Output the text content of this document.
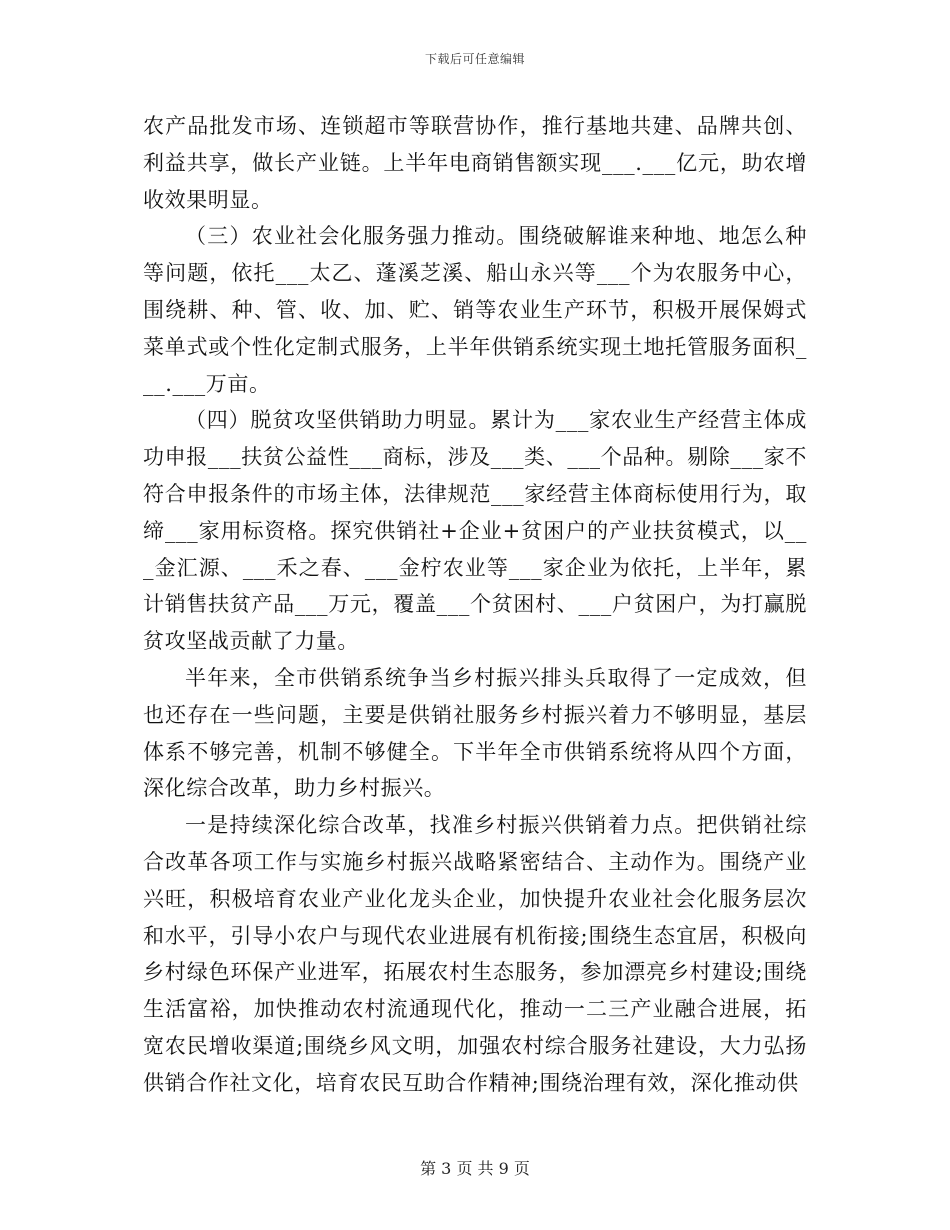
下载后可任意编辑

农产品批发市场、连锁超市等联营协作，推行基地共建、品牌共创、利益共享，做长产业链。上半年电商销售额实现___.___亿元，助农增收效果明显。

（三）农业社会化服务强力推动。围绕破解谁来种地、地怎么种等问题，依托___太乙、蓬溪芝溪、船山永兴等___个为农服务中心，围绕耕、种、管、收、加、贮、销等农业生产环节，积极开展保姆式菜单式或个性化定制式服务，上半年供销系统实现土地托管服务面积___.___万亩。

（四）脱贫攻坚供销助力明显。累计为___家农业生产经营主体成功申报___扶贫公益性___商标，涉及___类、___个品种。剔除___家不符合申报条件的市场主体，法律规范___家经营主体商标使用行为，取缔___家用标资格。探究供销社+企业+贫困户的产业扶贫模式，以___金汇源、___禾之春、___金柠农业等___家企业为依托，上半年，累计销售扶贫产品___万元，覆盖___个贫困村、___户贫困户，为打赢脱贫攻坚战贡献了力量。

半年来，全市供销系统争当乡村振兴排头兵取得了一定成效，但也还存在一些问题，主要是供销社服务乡村振兴着力不够明显，基层体系不够完善，机制不够健全。下半年全市供销系统将从四个方面，深化综合改革，助力乡村振兴。

一是持续深化综合改革，找准乡村振兴供销着力点。把供销社综合改革各项工作与实施乡村振兴战略紧密结合、主动作为。围绕产业兴旺，积极培育农业产业化龙头企业，加快提升农业社会化服务层次和水平，引导小农户与现代农业进展有机衔接;围绕生态宜居，积极向乡村绿色环保产业进军，拓展农村生态服务，参加漂亮乡村建设;围绕生活富裕，加快推动农村流通现代化，推动一二三产业融合进展，拓宽农民增收渠道;围绕乡风文明，加强农村综合服务社建设，大力弘扬供销合作社文化，培育农民互助合作精神;围绕治理有效，深化推动供

第 3 页 共 9 页
